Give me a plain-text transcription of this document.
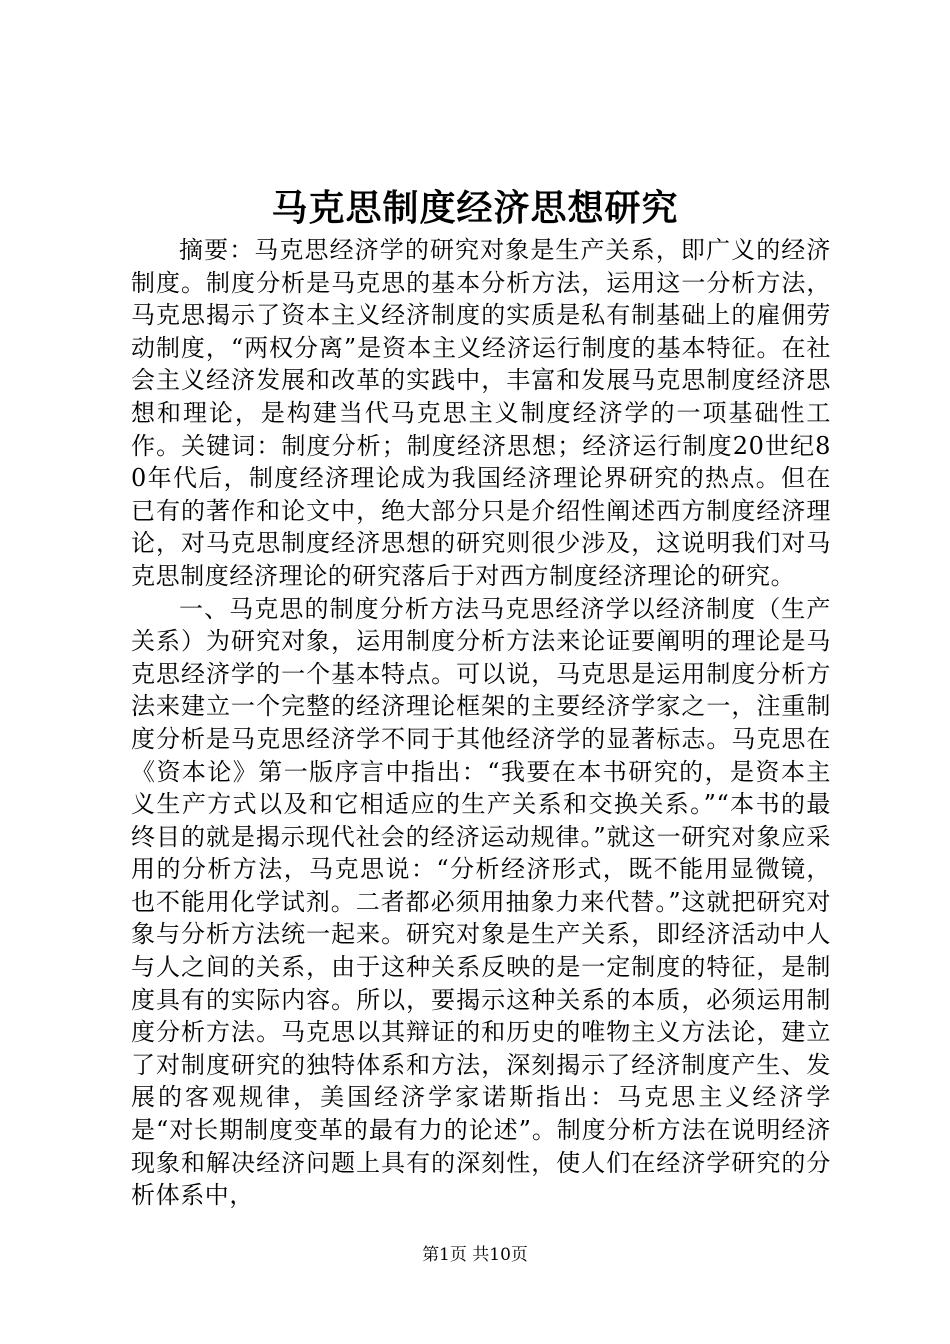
马克思制度经济思想研究

摘要：马克思经济学的研究对象是生产关系，即广义的经济制度。制度分析是马克思的基本分析方法，运用这一分析方法，马克思揭示了资本主义经济制度的实质是私有制基础上的雇佣劳动制度，“两权分离”是资本主义经济运行制度的基本特征。在社会主义经济发展和改革的实践中，丰富和发展马克思制度经济思想和理论，是构建当代马克思主义制度经济学的一项基础性工作。关键词：制度分析；制度经济思想；经济运行制度20世纪80年代后，制度经济理论成为我国经济理论界研究的热点。但在已有的著作和论文中，绝大部分只是介绍性阐述西方制度经济理论，对马克思制度经济思想的研究则很少涉及，这说明我们对马克思制度经济理论的研究落后于对西方制度经济理论的研究。

一、马克思的制度分析方法马克思经济学以经济制度（生产关系）为研究对象，运用制度分析方法来论证要阐明的理论是马克思经济学的一个基本特点。可以说，马克思是运用制度分析方法来建立一个完整的经济理论框架的主要经济学家之一，注重制度分析是马克思经济学不同于其他经济学的显著标志。马克思在《资本论》第一版序言中指出：“我要在本书研究的，是资本主义生产方式以及和它相适应的生产关系和交换关系。”“本书的最终目的就是揭示现代社会的经济运动规律。”就这一研究对象应采用的分析方法，马克思说：“分析经济形式，既不能用显微镜，也不能用化学试剂。二者都必须用抽象力来代替。”这就把研究对象与分析方法统一起来。研究对象是生产关系，即经济活动中人与人之间的关系，由于这种关系反映的是一定制度的特征，是制度具有的实际内容。所以，要揭示这种关系的本质，必须运用制度分析方法。马克思以其辩证的和历史的唯物主义方法论，建立了对制度研究的独特体系和方法，深刻揭示了经济制度产生、发展的客观规律，美国经济学家诺斯指出：马克思主义经济学是“对长期制度变革的最有力的论述”。制度分析方法在说明经济现象和解决经济问题上具有的深刻性，使人们在经济学研究的分析体系中，

第1页 共10页
